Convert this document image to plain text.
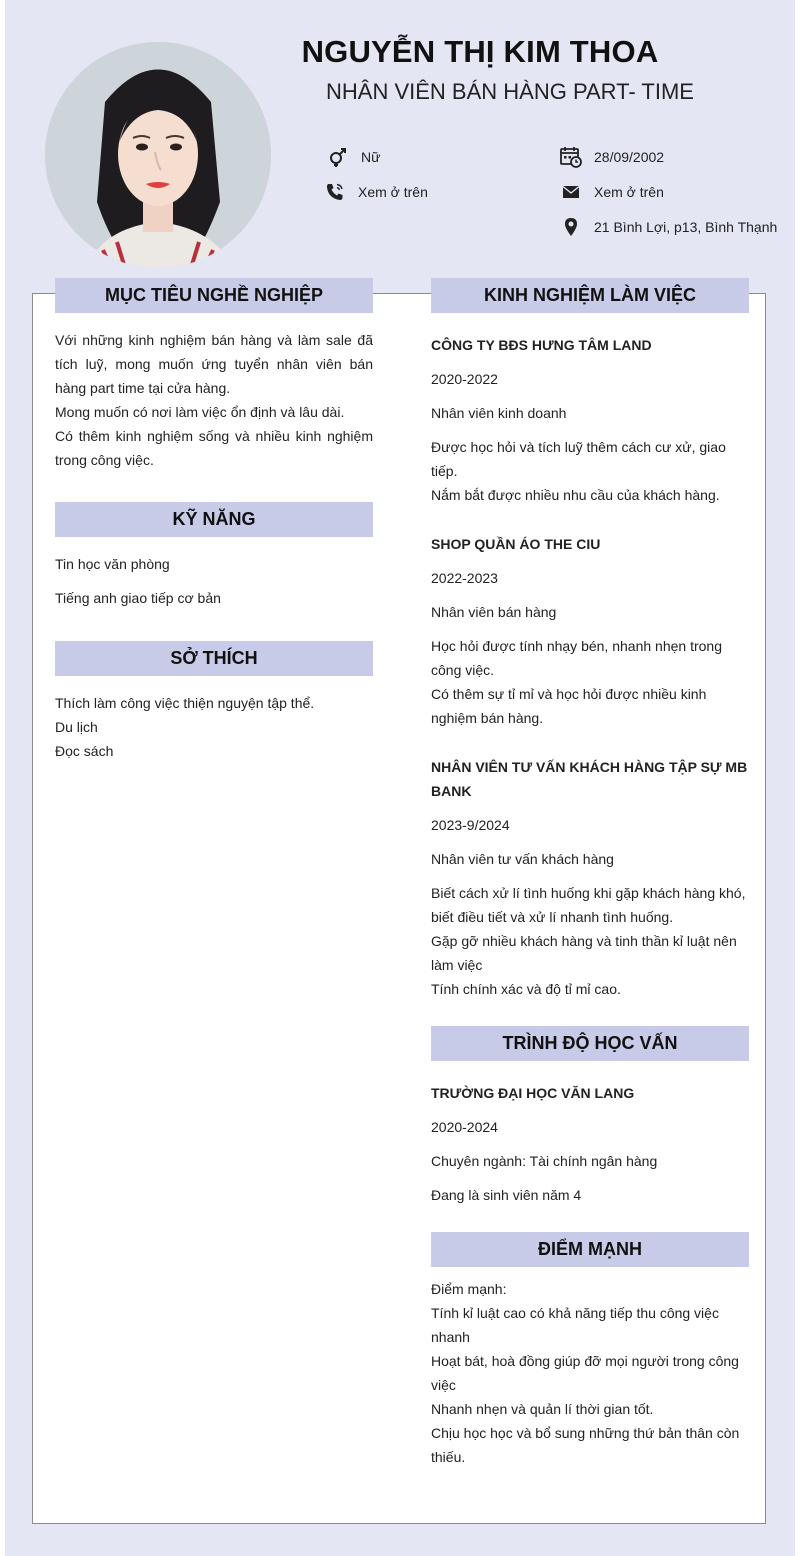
NGUYỄN THỊ KIM THOA
NHÂN VIÊN BÁN HÀNG PART- TIME
Nữ	28/09/2002
Xem ở trên	Xem ở trên
21 Bình Lợi, p13, Bình Thạnh
MỤC TIÊU NGHỀ NGHIỆP
Với những kinh nghiệm bán hàng và làm sale đã tích luỹ, mong muốn ứng tuyển nhân viên bán hàng part time tại cửa hàng.
Mong muốn có nơi làm việc ổn định và lâu dài.
Có thêm kinh nghiệm sống và nhiều kinh nghiệm trong công việc.
KỸ NĂNG
Tin học văn phòng
Tiếng anh giao tiếp cơ bản
SỞ THÍCH
Thích làm công việc thiện nguyện tập thể.
Du lịch
Đọc sách
KINH NGHIỆM LÀM VIỆC
CÔNG TY BĐS HƯNG TÂM LAND
2020-2022
Nhân viên kinh doanh
Được học hỏi và tích luỹ thêm cách cư xử, giao tiếp.
Nắm bắt được nhiều nhu cầu của khách hàng.
SHOP QUẦN ÁO THE CIU
2022-2023
Nhân viên bán hàng
Học hỏi được tính nhạy bén, nhanh nhẹn trong công việc.
Có thêm sự tỉ mỉ và học hỏi được nhiều kinh nghiệm bán hàng.
NHÂN VIÊN TƯ VẤN KHÁCH HÀNG TẬP SỰ MB BANK
2023-9/2024
Nhân viên tư vấn khách hàng
Biết cách xử lí tình huống khi gặp khách hàng khó, biết điều tiết và xử lí nhanh tình huống.
Gặp gỡ nhiều khách hàng và tinh thần kỉ luật nên làm việc
Tính chính xác và độ tỉ mỉ cao.
TRÌNH ĐỘ HỌC VẤN
TRƯỜNG ĐẠI HỌC VĂN LANG
2020-2024
Chuyên ngành: Tài chính ngân hàng
Đang là sinh viên năm 4
ĐIỂM MẠNH
Điểm mạnh:
Tính kỉ luật cao có khả năng tiếp thu công việc nhanh
Hoạt bát, hoà đồng giúp đỡ mọi người trong công việc
Nhanh nhẹn và quản lí thời gian tốt.
Chịu học học và bổ sung những thứ bản thân còn thiếu.
